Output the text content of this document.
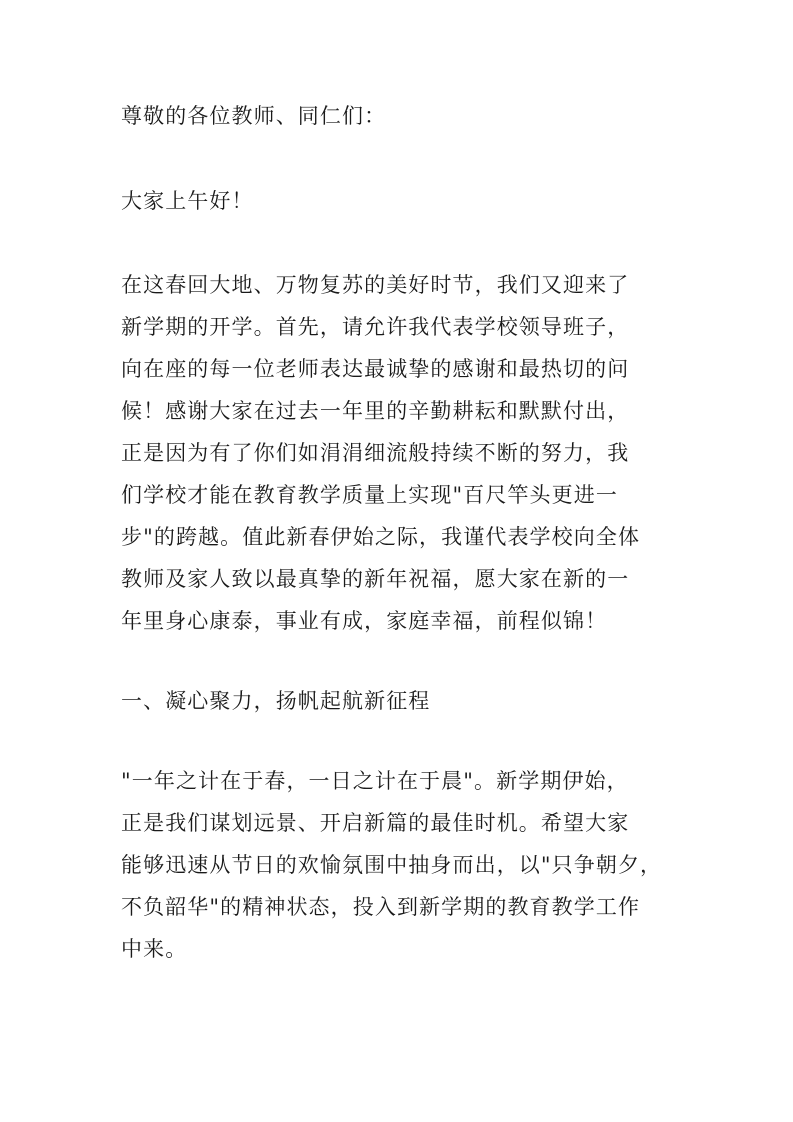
尊敬的各位教师、同仁们：

大家上午好！

在这春回大地、万物复苏的美好时节，我们又迎来了

新学期的开学。首先，请允许我代表学校领导班子，

向在座的每一位老师表达最诚挚的感谢和最热切的问

候！感谢大家在过去一年里的辛勤耕耘和默默付出，

正是因为有了你们如涓涓细流般持续不断的努力，我

们学校才能在教育教学质量上实现"百尺竿头更进一

步"的跨越。值此新春伊始之际，我谨代表学校向全体

教师及家人致以最真挚的新年祝福，愿大家在新的一

年里身心康泰，事业有成，家庭幸福，前程似锦！

一、凝心聚力，扬帆起航新征程

"一年之计在于春，一日之计在于晨"。新学期伊始，

正是我们谋划远景、开启新篇的最佳时机。希望大家

能够迅速从节日的欢愉氛围中抽身而出，以"只争朝夕，

不负韶华"的精神状态，投入到新学期的教育教学工作

中来。
